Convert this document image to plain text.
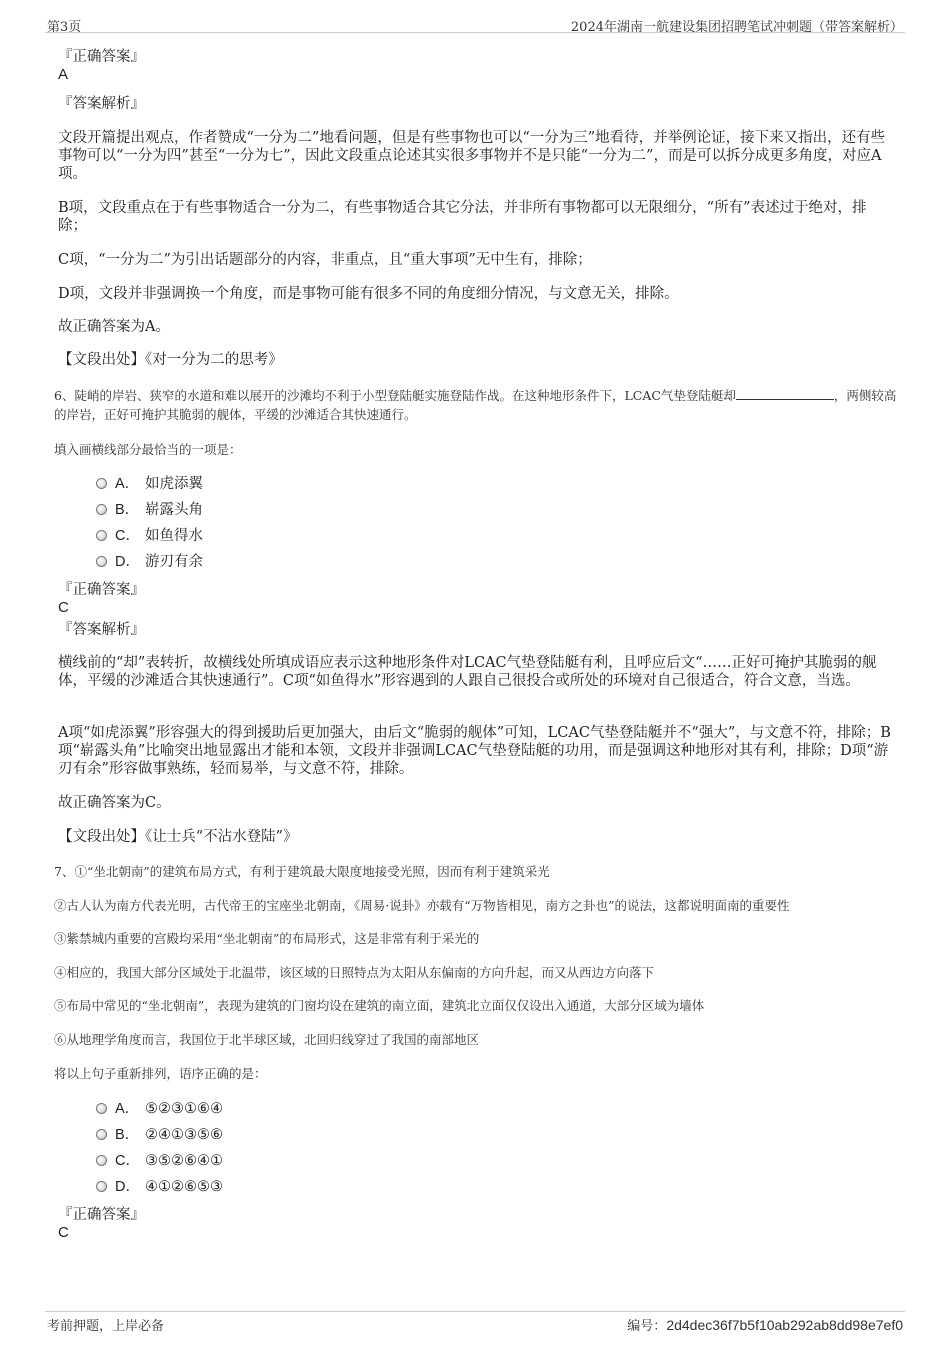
第3页	2024年湖南一航建设集团招聘笔试冲刺题（带答案解析）
『正确答案』
A
『答案解析』
文段开篇提出观点，作者赞成“一分为二”地看问题，但是有些事物也可以“一分为三”地看待，并举例论证，接下来又指出，还有些事物可以“一分为四”甚至“一分为七”，因此文段重点论述其实很多事物并不是只能“一分为二”，而是可以拆分成更多角度，对应A项。
B项，文段重点在于有些事物适合一分为二，有些事物适合其它分法，并非所有事物都可以无限细分，“所有”表述过于绝对，排除；
C项，“一分为二”为引出话题部分的内容，非重点，且“重大事项”无中生有，排除；
D项，文段并非强调换一个角度，而是事物可能有很多不同的角度细分情况，与文意无关，排除。
故正确答案为A。
【文段出处】《对一分为二的思考》
6、陡峭的岸岩、狭窄的水道和难以展开的沙滩均不利于小型登陆艇实施登陆作战。在这种地形条件下，LCAC气垫登陆艇却	，两侧较高的岸岩，正好可掩护其脆弱的舰体，平缓的沙滩适合其快速通行。
填入画横线部分最恰当的一项是：
A． 如虎添翼
B． 崭露头角
C． 如鱼得水
D． 游刃有余
『正确答案』
C
『答案解析』
横线前的“却”表转折，故横线处所填成语应表示这种地形条件对LCAC气垫登陆艇有利，且呼应后文“……正好可掩护其脆弱的舰体，平缓的沙滩适合其快速通行”。C项“如鱼得水”形容遇到的人跟自己很投合或所处的环境对自己很适合，符合文意，当选。
A项“如虎添翼”形容强大的得到援助后更加强大，由后文“脆弱的舰体”可知，LCAC气垫登陆艇并不“强大”，与文意不符，排除；B项“崭露头角”比喻突出地显露出才能和本领，文段并非强调LCAC气垫登陆艇的功用，而是强调这种地形对其有利，排除；D项“游刃有余”形容做事熟练，轻而易举，与文意不符，排除。
故正确答案为C。
【文段出处】《让士兵“不沾水登陆”》
7、①“坐北朝南”的建筑布局方式，有利于建筑最大限度地接受光照，因而有利于建筑采光
②古人认为南方代表光明，古代帝王的宝座坐北朝南，《周易·说卦》亦载有“万物皆相见，南方之卦也”的说法，这都说明面南的重要性
③紫禁城内重要的宫殿均采用“坐北朝南”的布局形式，这是非常有利于采光的
④相应的，我国大部分区域处于北温带，该区域的日照特点为太阳从东偏南的方向升起，而又从西边方向落下
⑤布局中常见的“坐北朝南”，表现为建筑的门窗均设在建筑的南立面，建筑北立面仅仅设出入通道，大部分区域为墙体
⑥从地理学角度而言，我国位于北半球区域，北回归线穿过了我国的南部地区
将以上句子重新排列，语序正确的是：
A． ⑤②③①⑥④
B． ②④①③⑤⑥
C． ③⑤②⑥④①
D． ④①②⑥⑤③
『正确答案』
C
考前押题，上岸必备	编号：2d4dec36f7b5f10ab292ab8dd98e7ef0
